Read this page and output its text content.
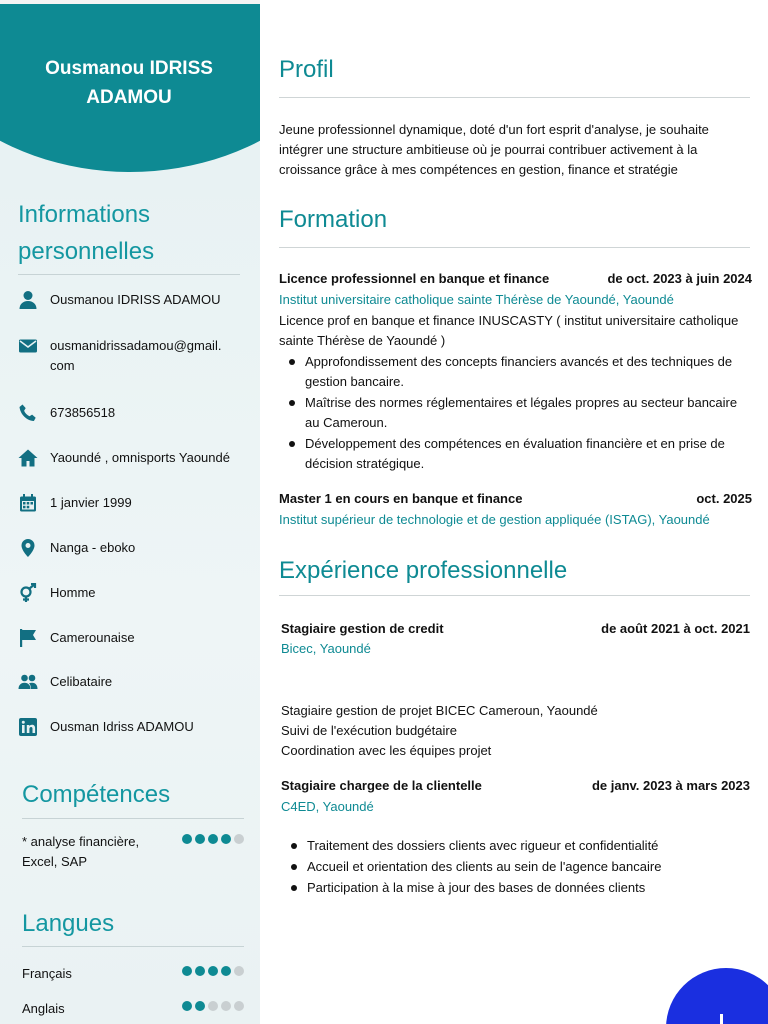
Ousmanou IDRISS
ADAMOU
Informations
personnelles
Ousmanou IDRISS ADAMOU
ousmanidrissadamou@gmail.
com
673856518
Yaoundé , omnisports Yaoundé
1 janvier 1999
Nanga - eboko
Homme
Camerounaise
Celibataire
Ousman Idriss ADAMOU
Compétences
* analyse financière,
Excel, SAP
Langues
Français
Anglais
Profil
Jeune professionnel dynamique, doté d'un fort esprit d'analyse, je souhaite intégrer une structure ambitieuse où je pourrai contribuer activement à la croissance grâce à mes compétences en gestion, finance et stratégie
Formation
Licence professionnel en banque et finance	de oct. 2023 à juin 2024
Institut universitaire catholique sainte Thérèse de Yaoundé, Yaoundé
Licence prof en banque et finance INUSCASTY ( institut universitaire catholique sainte Thérèse de Yaoundé )
Approfondissement des concepts financiers avancés et des techniques de gestion bancaire.
Maîtrise des normes réglementaires et légales propres au secteur bancaire au Cameroun.
Développement des compétences en évaluation financière et en prise de décision stratégique.
Master 1 en cours en banque et finance	oct. 2025
Institut supérieur de technologie et de gestion appliquée (ISTAG), Yaoundé
Expérience professionnelle
Stagiaire gestion de credit	de août 2021 à oct. 2021
Bicec, Yaoundé
Stagiaire gestion de projet BICEC Cameroun, Yaoundé
Suivi de l'exécution budgétaire
Coordination avec les équipes projet
Stagiaire chargee de la clientelle	de janv. 2023 à mars 2023
C4ED, Yaoundé
Traitement des dossiers clients avec rigueur et confidentialité
Accueil et orientation des clients au sein de l'agence bancaire
Participation à la mise à jour des bases de données clients
